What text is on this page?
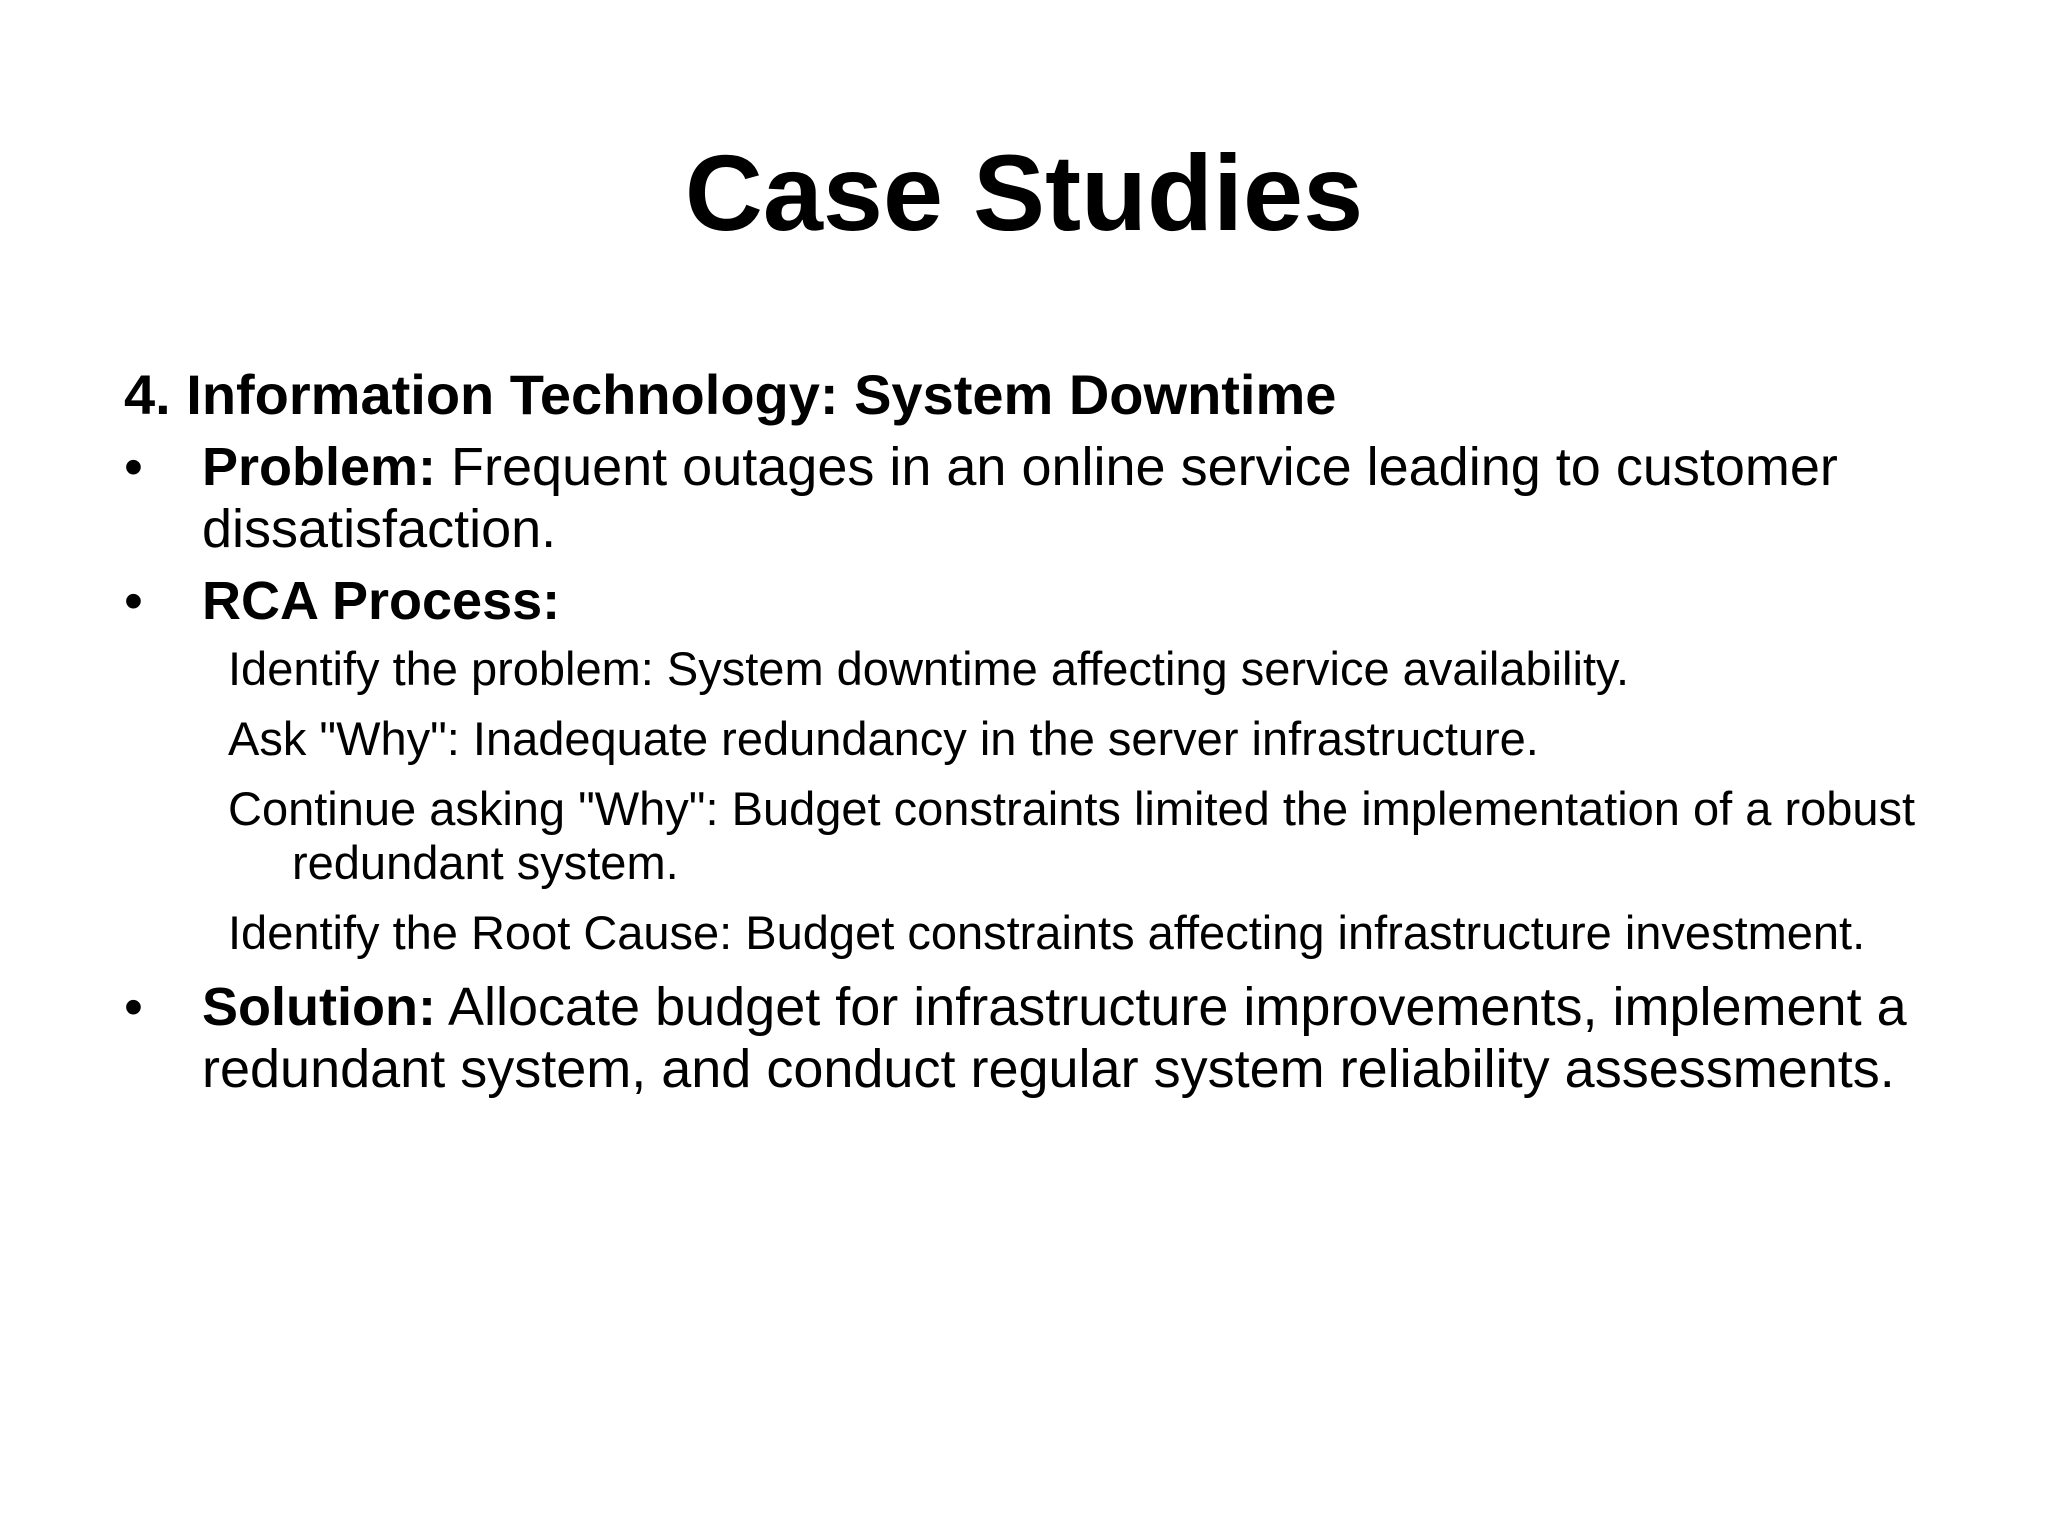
Case Studies
4. Information Technology: System Downtime
• Problem: Frequent outages in an online service leading to customer dissatisfaction.
• RCA Process:
Identify the problem: System downtime affecting service availability.
Ask "Why": Inadequate redundancy in the server infrastructure.
Continue asking "Why": Budget constraints limited the implementation of a robust redundant system.
Identify the Root Cause: Budget constraints affecting infrastructure investment.
• Solution: Allocate budget for infrastructure improvements, implement a redundant system, and conduct regular system reliability assessments.
